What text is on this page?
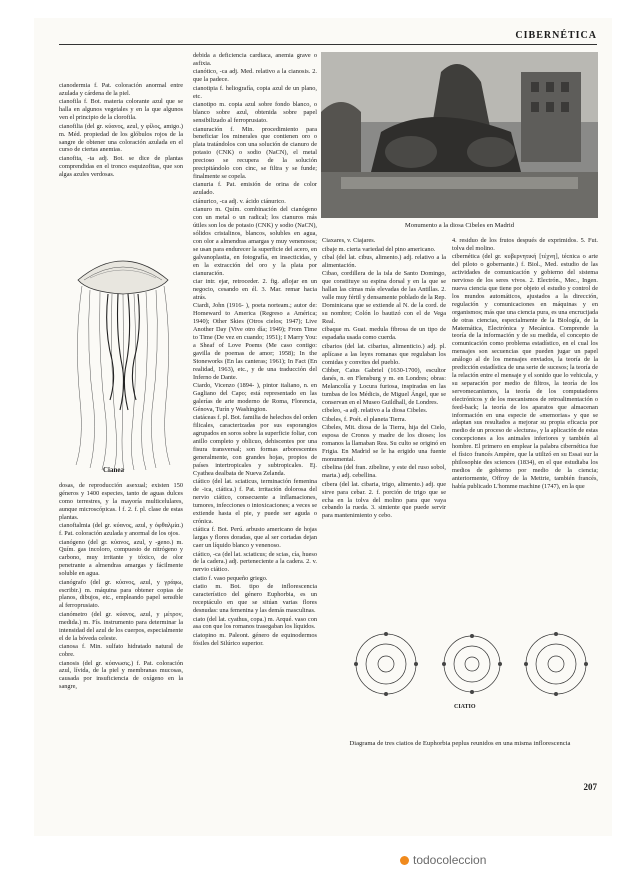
CIBERNÉTICA

cianodermia f. Pat. coloración anormal entre azulada y cárdena de la piel.

cianofila f. Bot. materia colorante azul que se halla en algunos vegetales y en la que algunos ven el principio de la clorofila.

cianofilia (del gr. κύανος, azul, y φίλος, amigo.) m. Méd. propiedad de los glóbulos rojos de la sangre de obtener una coloración azulada en el curso de ciertas anemias.

cianofita, -ta adj. Bot. se dice de plantas comprendidas en el tronco esquizofitas, que son algas azules verdosas.

Cianea

dosas, de reproducción asexual; existen 150 géneros y 1400 especies, tanto de aguas dulces como terrestres, y la mayoría multicelulares, aunque microscópicas. ‖ f. 2. f. pl. clase de estas plantas.

cianoftalmia (del gr. κύανος, azul, y ὀφθαλμία.) f. Pat. coloración azulada y anormal de los ojos.

cianógeno (del gr. κύανος, azul, y -geno.) m. Quím. gas incoloro, compuesto de nitrógeno y carbono, muy irritante y tóxico, de olor penetrante a almendras amargas y fácilmente soluble en agua.

cianógrafo (del gr. κύανος, azul, y γράφω, escribir.) m. máquina para obtener copias de planos, dibujos, etc., empleando papel sensible al ferroprusiato.

cianómetro (del gr. κύανος, azul, y μέτρον, medida.) m. Fís. instrumento para determinar la intensidad del azul de los cuerpos, especialmente el de la bóveda celeste.

cianosa f. Min. sulfato hidratado natural de cobre.

cianosis (del gr. κύανωσις.) f. Pat. coloración azul, lívida, de la piel y membranas mucosas, causada por insuficiencia de oxígeno en la sangre,

debida a deficiencia cardiaca, anemia grave o asfixia.

cianótico, -ca adj. Med. relativo a la cianosis. 2. que la padece.

cianotipia f. heliografía, copia azul de un plano, etc.

cianotipo m. copia azul sobre fondo blanco, o blanco sobre azul, obtenida sobre papel sensibilizado al ferroprusiato.

cianuración f. Min. procedimiento para beneficiar los minerales que contienen oro o plata tratándolos con una solución de cianuro de potasio (CNK) o sodio (NaCN), el metal precioso se recupera de la solución precipitándolo con cinc, se filtra y se funde; finalmente se copela.

cianuria f. Pat. emisión de orina de color azulado.

ciánurico, -ca adj. v. ácido ciánurico.

cianuro m. Quím. combinación del cianógeno con un metal o un radical; los cianuros más útiles son los de potasio (CNK) y sodio (NaCN), sólidos cristalinos, blancos, solubles en agua, con olor a almendras amargas y muy venenosos; se usan para endurecer la superficie del acero, en galvanoplastia, en fotografía, en insecticidas, y en la extracción del oro y la plata por cianuración.

ciar intr. ejar, retroceder. 2. fig. aflojar en un negocio, cesando en él. 3. Mar. remar hacia atrás.

Ciardi, John (1916- ), poeta norteam.; autor de: Homeward to America (Regreso a América; 1940); Other Skies (Otros cielos; 1947); Live Another Day (Vive otro día; 1949); From Time to Time (De vez en cuando; 1951); I Marry You: a Sheaf of Love Poems (Me caso contigo: gavilla de poemas de amor; 1958); In the Stoneworks (En las canteras; 1961); In Fact (En realidad, 1963), etc., y de una traducción del Inferno de Dante.

Ciardo, Vicenzo (1894- ), pintor italiano, n. en Gagliano del Capo; está representado en las galerías de arte moderno de Roma, Florencia, Génova, Turín y Washington.

ciatáceas f. pl. Bot. familia de helechos del orden filicales, caracterizadas por sus esporangios agrupados en soros sobre la superficie foliar, con anillo completo y oblicuo, dehiscentes por una fisura transversal; son formas arborescentes generalmente, con grandes hojas, propios de países intertropicales y subtropicales. Ej. Cyathea dealbata de Nueva Zelanda.

ciático (del lat. sciaticus, terminación femenina de -ica, ciática.) f. Pat. irritación dolorosa del nervio ciático, consecuente a inflamaciones, tumores, infecciones o intoxicaciones; a veces se extiende hasta el pie, y puede ser aguda o crónica.

ciática f. Bot. Perú. arbusto americano de hojas largas y flores doradas, que al ser cortadas dejan caer un líquido blanco y venenoso.

ciático, -ca (del lat. sciaticus; de scias, cía, hueso de la cadera.) adj. perteneciente a la cadera. 2. v. nervio ciático.

ciatio f. vaso pequeño griego.

ciatio m. Bot. tipo de inflorescencia característico del género Euphorbia, es un receptáculo en que se sitúan varias flores desnudas: una femenina y las demás masculinas.

ciato (del lat. cyathus, copa.) m. Arqué. vaso con asa con que los romanos trasegaban los líquidos.

ciatopino m. Paleont. género de equinodermos fósiles del Silúrico superior.

Monumento a la diosa Cibeles en Madrid

Ciaxares, v. Ciajares.

cibaje m. cierta variedad del pino americano.

cibal (del lat. cibus, alimento.) adj. relativo a la alimentación.

Cibao, cordillera de la isla de Santo Domingo, que constituye su espina dorsal y en la que se hallan las cimas más elevadas de las Antillas. 2. valle muy fértil y densamente poblado de la Rep. Dominicana que se extiende al N. de la cord. de su nombre; Colón lo bautizó con el de Vega Real.

cibaque m. Guat. medula fibrosa de un tipo de espadaña usada como cuerda.

cibarios (del lat. cibarius, alimenticio.) adj. pl. aplícase a las leyes romanas que regulaban los comidas y convites del pueblo.

Cibber, Caius Gabriel (1630-1700), escultor danés, n. en Flensburg y m. en Londres; obras: Melancolía y Locura furiosa, inspiradas en las tumbas de los Médicis, de Miguel Ángel, que se conservan en el Museo Guildhall, de Londres.

cibeleo, -a adj. relativo a la diosa Cibeles.

Cibeles, f. Poét. el planeta Tierra.

Cibeles, Mit. diosa de la Tierra, hija del Cielo, esposa de Cronos y madre de los dioses; los romanos la llamaban Rea. Su culto se originó en Frigia. En Madrid se le ha erigido una fuente monumental.

cibelina (del fran. zibeline, y este del ruso sobol, marta.) adj. cebellina.

cibera (del lat. cibaria, trigo, alimento.) adj. que sirve para cebar. 2. f. porción de trigo que se echa en la tolva del molino para que vaya cebando la rueda. 3. simiente que puede servir para mantenimiento y cebo.

4. residuo de los frutos después de exprimidos. 5. Fut. tolva del molino.

cibernética (del gr. κυβερνητική [τέχνη], técnica o arte del piloto o gobernante.) f. Biol., Med. estudio de las actividades de comunicación y gobierno del sistema nervioso de los seres vivos. 2. Electrón., Mec., Ingen. nueva ciencia que tiene por objeto el estudio y control de los mundos automáticos, ajustados a la dirección, regulación y comunicaciones en máquinas y en organismos; más que una ciencia pura, es una encrucijada de otras ciencias, especialmente de la Biología, de la Matemática, Electrónica y Mecánica. Comprende la teoría de la información y de su medida, el concepto de comunicación como problema estadístico, en el cual los mensajes son secuencias que pueden jugar un papel análogo al de los mensajes enviados, la teoría de la predicción estadística de una serie de sucesos; la teoría de la relación entre el mensaje y el sonido que lo vehicula, y su separación por medio de filtros, la teoría de los servomecanismos, la teoría de los computadores electrónicos y de los mecanismos de retroalimentación o feed-back; la teoría de los aparatos que almacenan información en una especie de «memorias» y que se adaptan sus resultados a mejorar su propia eficacia por medio de un proceso de «lectura», y la aplicación de estas concepciones a los animales inferiores y también al hombre. El primero en emplear la palabra cibernética fue el físico francés Ampère, que la utilizó en su Essai sur la philosophie des sciences (1834), en el que estudiaba los medios de gobierno por medio de la ciencia; anteriormente, Offroy de la Mettrie, también francés, había publicado L'homme machine (1747), en la que

CIATIO
Diagrama de tres ciatios de Euphorbia peplus reunidos en una misma inflorescencia
207
todocoleccion
